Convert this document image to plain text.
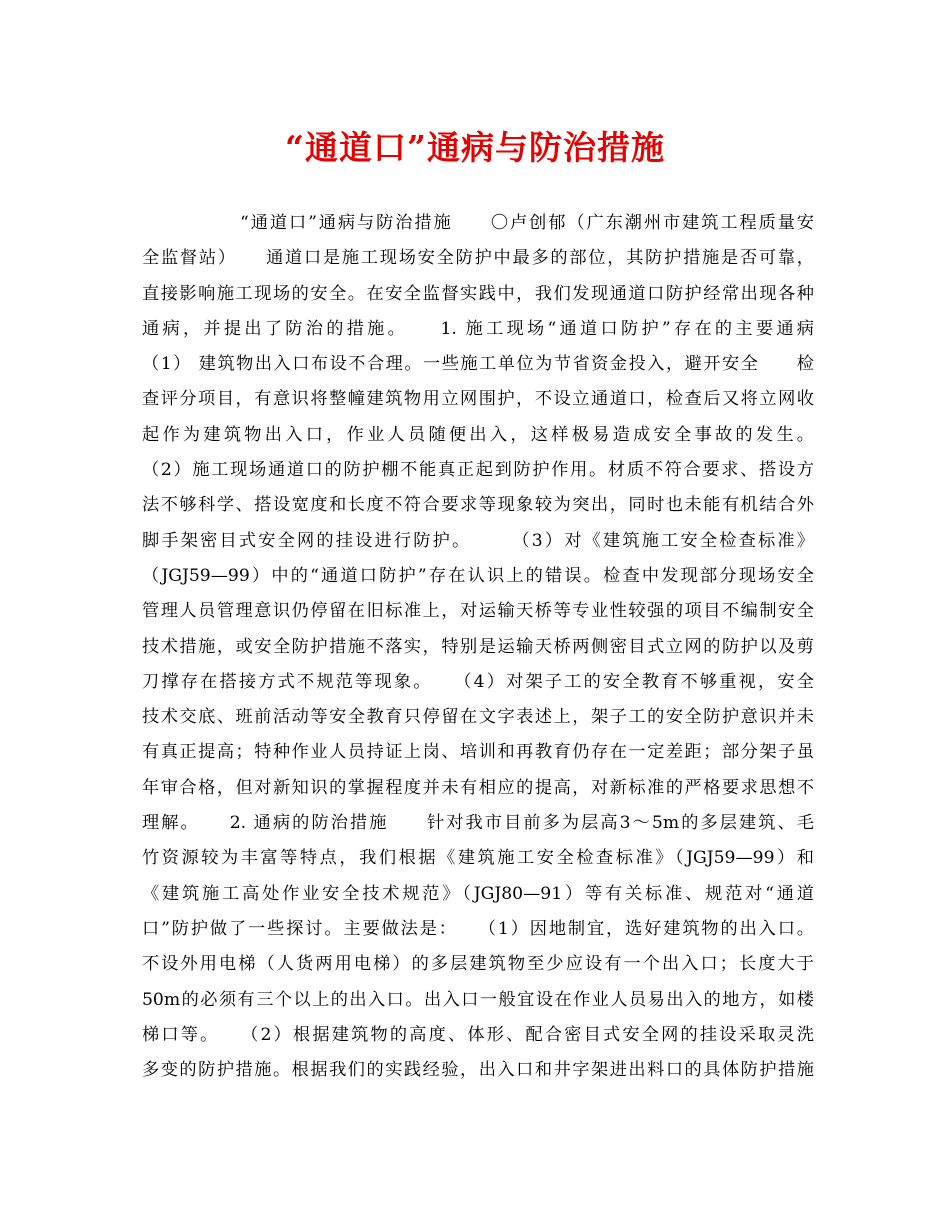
“通道口”通病与防治措施
“通道口”通病与防治措施　　〇卢创郁（广东潮州市建筑工程质量安
全监督站）　　通道口是施工现场安全防护中最多的部位，其防护措施是否可靠，
直接影响施工现场的安全。在安全监督实践中，我们发现通道口防护经常出现各种
通病，并提出了防治的措施。　　1. 施工现场“通道口防护”存在的主要通病
（1） 建筑物出入口布设不合理。一些施工单位为节省资金投入，避开安全　　检
查评分项目，有意识将整幢建筑物用立网围护，不设立通道口，检查后又将立网收
起作为建筑物出入口，作业人员随便出入，这样极易造成安全事故的发生。
（2）施工现场通道口的防护棚不能真正起到防护作用。材质不符合要求、搭设方
法不够科学、搭设宽度和长度不符合要求等现象较为突出，同时也未能有机结合外
脚手架密目式安全网的挂设进行防护。　　　（3）对《建筑施工安全检查标准》
（JGJ59—99）中的“通道口防护”存在认识上的错误。检查中发现部分现场安全
管理人员管理意识仍停留在旧标准上，对运输天桥等专业性较强的项目不编制安全
技术措施，或安全防护措施不落实，特别是运输天桥两侧密目式立网的防护以及剪
刀撑存在搭接方式不规范等现象。　　（4）对架子工的安全教育不够重视，安全
技术交底、班前活动等安全教育只停留在文字表述上，架子工的安全防护意识并未
有真正提高；特种作业人员持证上岗、培训和再教育仍存在一定差距；部分架子虽
年审合格，但对新知识的掌握程度并未有相应的提高，对新标准的严格要求思想不
理解。　　2. 通病的防治措施　　针对我市目前多为层高3～5m的多层建筑、毛
竹资源较为丰富等特点，我们根据《建筑施工安全检查标准》（JGJ59—99）和
《建筑施工高处作业安全技术规范》（JGJ80—91）等有关标准、规范对“通道
口”防护做了一些探讨。主要做法是：　　（1）因地制宜，选好建筑物的出入口。
不设外用电梯（人货两用电梯）的多层建筑物至少应设有一个出入口；长度大于
50m的必须有三个以上的出入口。出入口一般宜设在作业人员易出入的地方，如楼
梯口等。　　（2）根据建筑物的高度、体形、配合密目式安全网的挂设采取灵洗
多变的防护措施。根据我们的实践经验，出入口和井字架进出料口的具体防护措施
